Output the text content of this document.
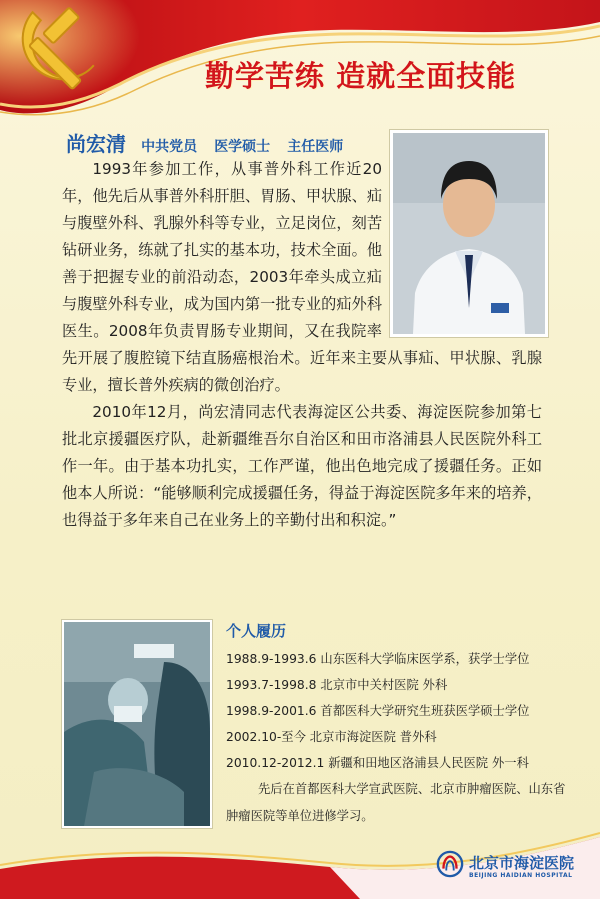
勤学苦练 造就全面技能
尚宏清 中共党员 医学硕士 主任医师

1993年参加工作，从事普外科工作近20年，他先后从事普外科肝胆、胃肠、甲状腺、疝与腹壁外科、乳腺外科等专业，立足岗位，刻苦钻研业务，练就了扎实的基本功，技术全面。他善于把握专业的前沿动态，2003年牵头成立疝与腹壁外科专业，成为国内第一批专业的疝外科医生。2008年负责胃肠专业期间，又在我院率先开展了腹腔镜下结直肠癌根治术。近年来主要从事疝、甲状腺、乳腺专业，擅长普外疾病的微创治疗。

2010年12月，尚宏清同志代表海淀区公共委、海淀医院参加第七批北京援疆医疗队，赴新疆维吾尔自治区和田市洛浦县人民医院外科工作一年。由于基本功扎实，工作严谨，他出色地完成了援疆任务。正如他本人所说：“能够顺利完成援疆任务，得益于海淀医院多年来的培养，也得益于多年来自己在业务上的辛勤付出和积淀。”

个人履历
1988.9-1993.6 山东医科大学临床医学系，获学士学位
1993.7-1998.8 北京市中关村医院 外科
1998.9-2001.6 首都医科大学研究生班获医学硕士学位
2002.10-至今 北京市海淀医院 普外科
2010.12-2012.1 新疆和田地区洛浦县人民医院 外一科

先后在首都医科大学宣武医院、北京市肿瘤医院、山东省肿瘤医院等单位进修学习。

北京市海淀医院
BEIJING HAIDIAN HOSPITAL
